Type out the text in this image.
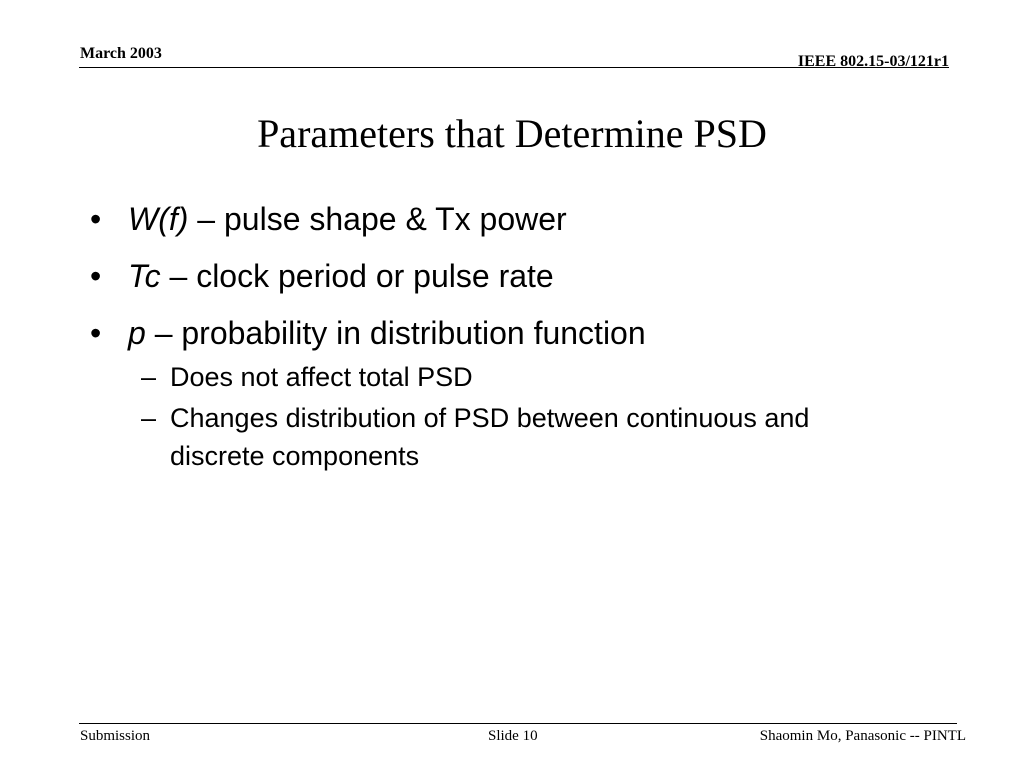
March 2003	IEEE 802.15-03/121r1
Parameters that Determine PSD
• W(f) – pulse shape & Tx power
• Tc – clock period or pulse rate
• p – probability in distribution function
– Does not affect total PSD
– Changes distribution of PSD between continuous and discrete components
Submission	Slide 10	Shaomin Mo, Panasonic -- PINTL
